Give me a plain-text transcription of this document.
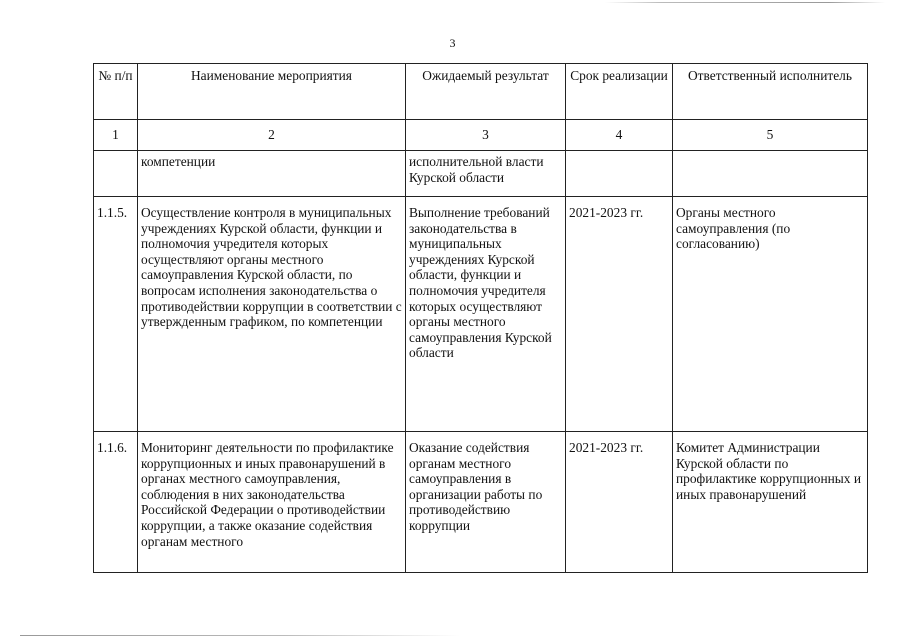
3
№ п/п	Наименование мероприятия	Ожидаемый результат	Срок реализации	Ответственный исполнитель
1	2	3	4	5
	компетенции	исполнительной власти Курской области		
1.1.5.	Осуществление контроля в муниципальных учреждениях Курской области, функции и полномочия учредителя которых осуществляют органы местного самоуправления Курской области, по вопросам исполнения законодательства о противодействии коррупции в соответствии с утвержденным графиком, по компетенции	Выполнение требований законодательства в муниципальных учреждениях Курской области, функции и полномочия учредителя которых осуществляют органы местного самоуправления Курской области	2021-2023 гг.	Органы местного самоуправления (по согласованию)
1.1.6.	Мониторинг деятельности по профилактике коррупционных и иных правонарушений в органах местного самоуправления, соблюдения в них законодательства Российской Федерации о противодействии коррупции, а также оказание содействия органам местного	Оказание содействия органам местного самоуправления в организации работы по противодействию коррупции	2021-2023 гг.	Комитет Администрации Курской области по профилактике коррупционных и иных правонарушений
